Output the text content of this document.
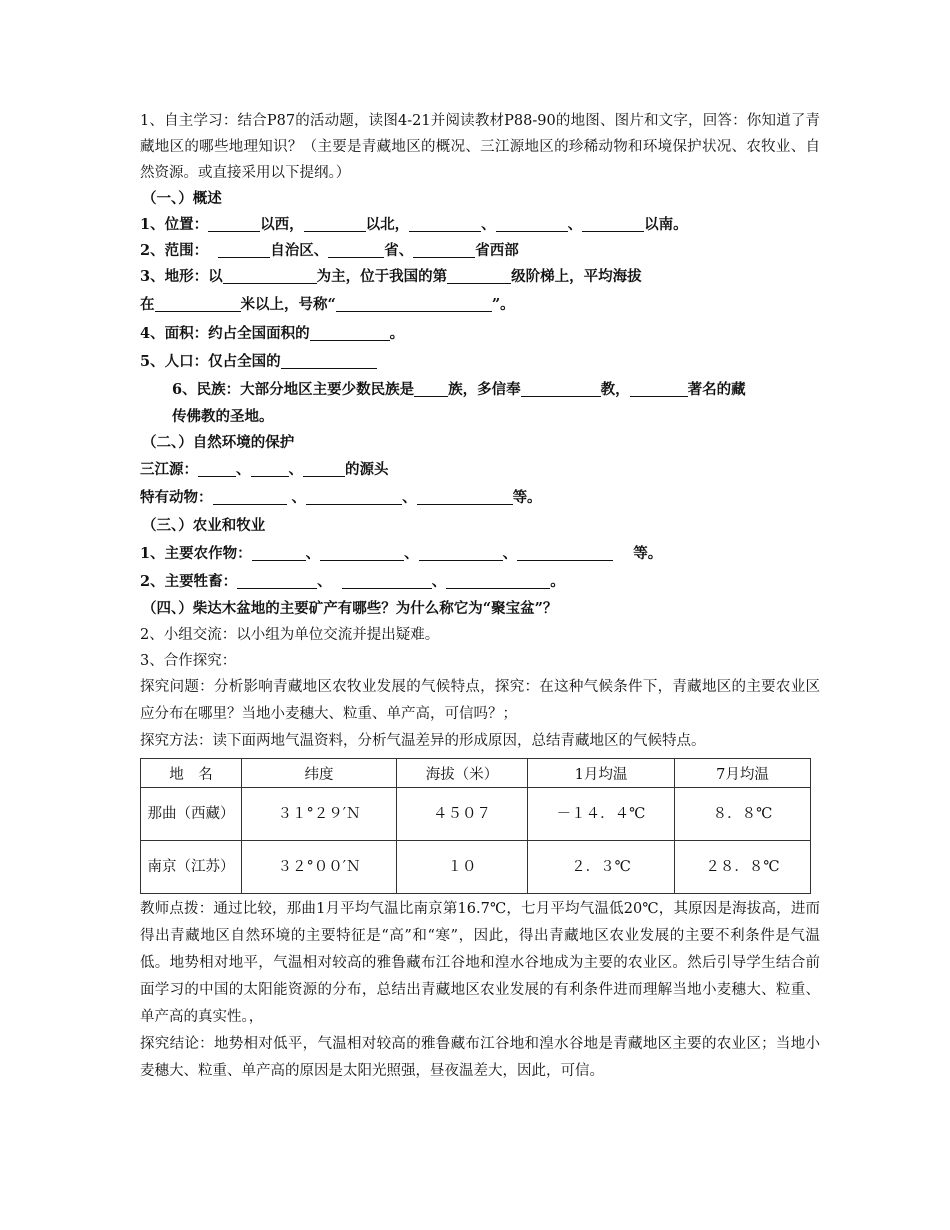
1、自主学习：结合P87的活动题，读图4-21并阅读教材P88-90的地图、图片和文字，回答：你知道了青藏地区的哪些地理知识？（主要是青藏地区的概况、三江源地区的珍稀动物和环境保护状况、农牧业、自然资源。或直接采用以下提纲。）

（一、）概述

1、位置：	以西，	以北，	、	、	以南。

2、范围：	自治区、	省、	省西部

3、地形：以	为主，位于我国的第	级阶梯上，平均海拔

在	米以上，号称“	”。

4、面积：约占全国面积的	。

5、人口：仅占全国的

6、民族：大部分地区主要少数民族是 族，多信奉	教，	著名的藏

传佛教的圣地。

（二、）自然环境的保护

三江源：	、	、	的源头

特有动物：	、	、	等。

（三、）农业和牧业

1、主要农作物：	、	、	、	等。

2、主要牲畜：	、	、	。

（四、）柴达木盆地的主要矿产有哪些？为什么称它为“聚宝盆”？

2、小组交流：以小组为单位交流并提出疑难。

3、合作探究：

探究问题：分析影响青藏地区农牧业发展的气候特点，探究：在这种气候条件下，青藏地区的主要农业区应分布在哪里？当地小麦穗大、粒重、单产高，可信吗？；

探究方法：读下面两地气温资料，分析气温差异的形成原因，总结青藏地区的气候特点。

地　名	纬度	海拔（米）	1月均温	7月均温
那曲（西藏）	３１°２９′Ｎ	４５０７	－１４．４℃	８．８℃
南京（江苏）	３２°００′Ｎ	１０	２．３℃	２８．８℃

教师点拨：通过比较，那曲1月平均气温比南京第16.7℃，七月平均气温低20℃，其原因是海拔高，进而得出青藏地区自然环境的主要特征是“高”和“寒”，因此，得出青藏地区农业发展的主要不利条件是气温低。地势相对地平，气温相对较高的雅鲁藏布江谷地和湟水谷地成为主要的农业区。然后引导学生结合前面学习的中国的太阳能资源的分布，总结出青藏地区农业发展的有利条件进而理解当地小麦穗大、粒重、单产高的真实性。，

探究结论：地势相对低平，气温相对较高的雅鲁藏布江谷地和湟水谷地是青藏地区主要的农业区；当地小麦穗大、粒重、单产高的原因是太阳光照强，昼夜温差大，因此，可信。
